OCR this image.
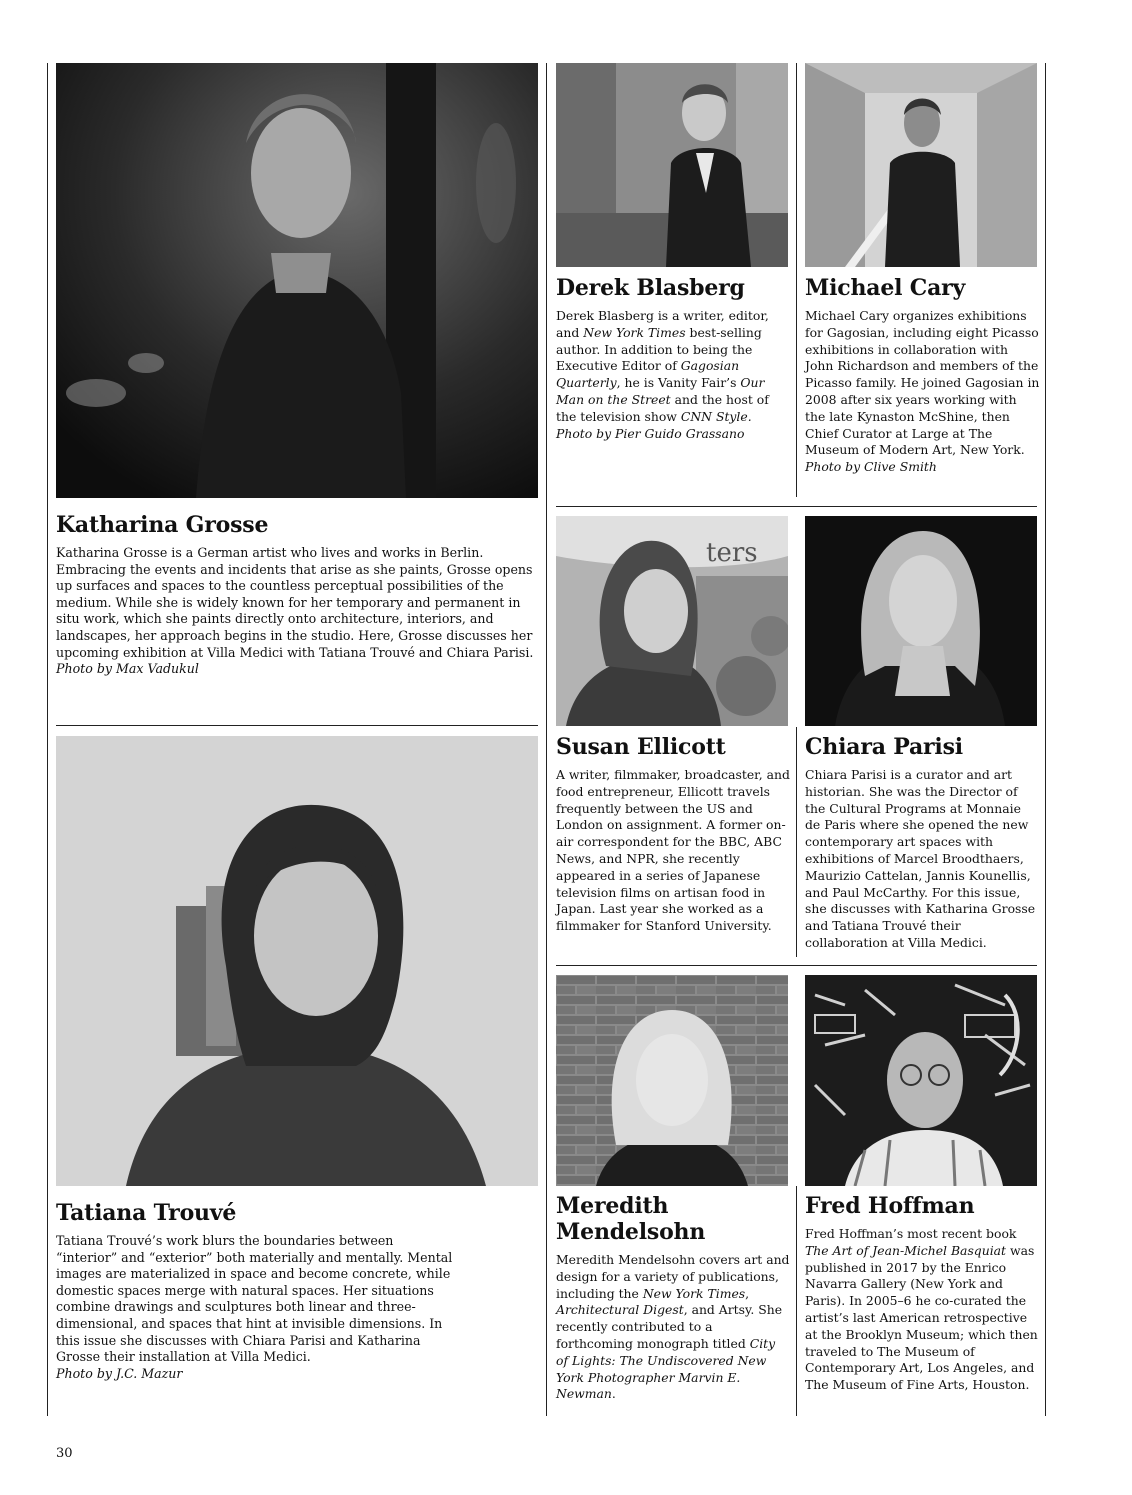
Katharina Grosse

Katharina Grosse is a German artist who lives and works in Berlin. Embracing the events and incidents that arise as she paints, Grosse opens up surfaces and spaces to the countless perceptual possibilities of the medium. While she is widely known for her temporary and permanent in situ work, which she paints directly onto architecture, interiors, and landscapes, her approach begins in the studio. Here, Grosse discusses her upcoming exhibition at Villa Medici with Tatiana Trouvé and Chiara Parisi.

Photo by Max Vadukul

Tatiana Trouvé

Tatiana Trouvé’s work blurs the boundaries between “interior” and “exterior” both materially and mentally. Mental images are materialized in space and become concrete, while domestic spaces merge with natural spaces. Her situations combine drawings and sculptures both linear and three-dimensional, and spaces that hint at invisible dimensions. In this issue she discusses with Chiara Parisi and Katharina Grosse their installation at Villa Medici.

Photo by J.C. Mazur

Derek Blasberg

Derek Blasberg is a writer, editor, and New York Times best-selling author. In addition to being the Executive Editor of Gagosian Quarterly, he is Vanity Fair’s Our Man on the Street and the host of the television show CNN Style.

Photo by Pier Guido Grassano

Michael Cary

Michael Cary organizes exhibitions for Gagosian, including eight Picasso exhibitions in collaboration with John Richardson and members of the Picasso family. He joined Gagosian in 2008 after six years working with the late Kynaston McShine, then Chief Curator at Large at The Museum of Modern Art, New York.

Photo by Clive Smith

ters
Susan Ellicott

A writer, filmmaker, broadcaster, and food entrepreneur, Ellicott travels frequently between the US and London on assignment. A former on-air correspondent for the BBC, ABC News, and NPR, she recently appeared in a series of Japanese television films on artisan food in Japan. Last year she worked as a filmmaker for Stanford University.

Chiara Parisi

Chiara Parisi is a curator and art historian. She was the Director of the Cultural Programs at Monnaie de Paris where she opened the new contemporary art spaces with exhibitions of Marcel Broodthaers, Maurizio Cattelan, Jannis Kounellis, and Paul McCarthy. For this issue, she discusses with Katharina Grosse and Tatiana Trouvé their collaboration at Villa Medici.

Meredith Mendelsohn

Meredith Mendelsohn covers art and design for a variety of publications, including the New York Times, Architectural Digest, and Artsy. She recently contributed to a forthcoming monograph titled City of Lights: The Undiscovered New York Photographer Marvin E. Newman.

Fred Hoffman

Fred Hoffman’s most recent book The Art of Jean-Michel Basquiat was published in 2017 by the Enrico Navarra Gallery (New York and Paris). In 2005–6 he co-curated the artist’s last American retrospective at the Brooklyn Museum; which then traveled to The Museum of Contemporary Art, Los Angeles, and The Museum of Fine Arts, Houston.

30
